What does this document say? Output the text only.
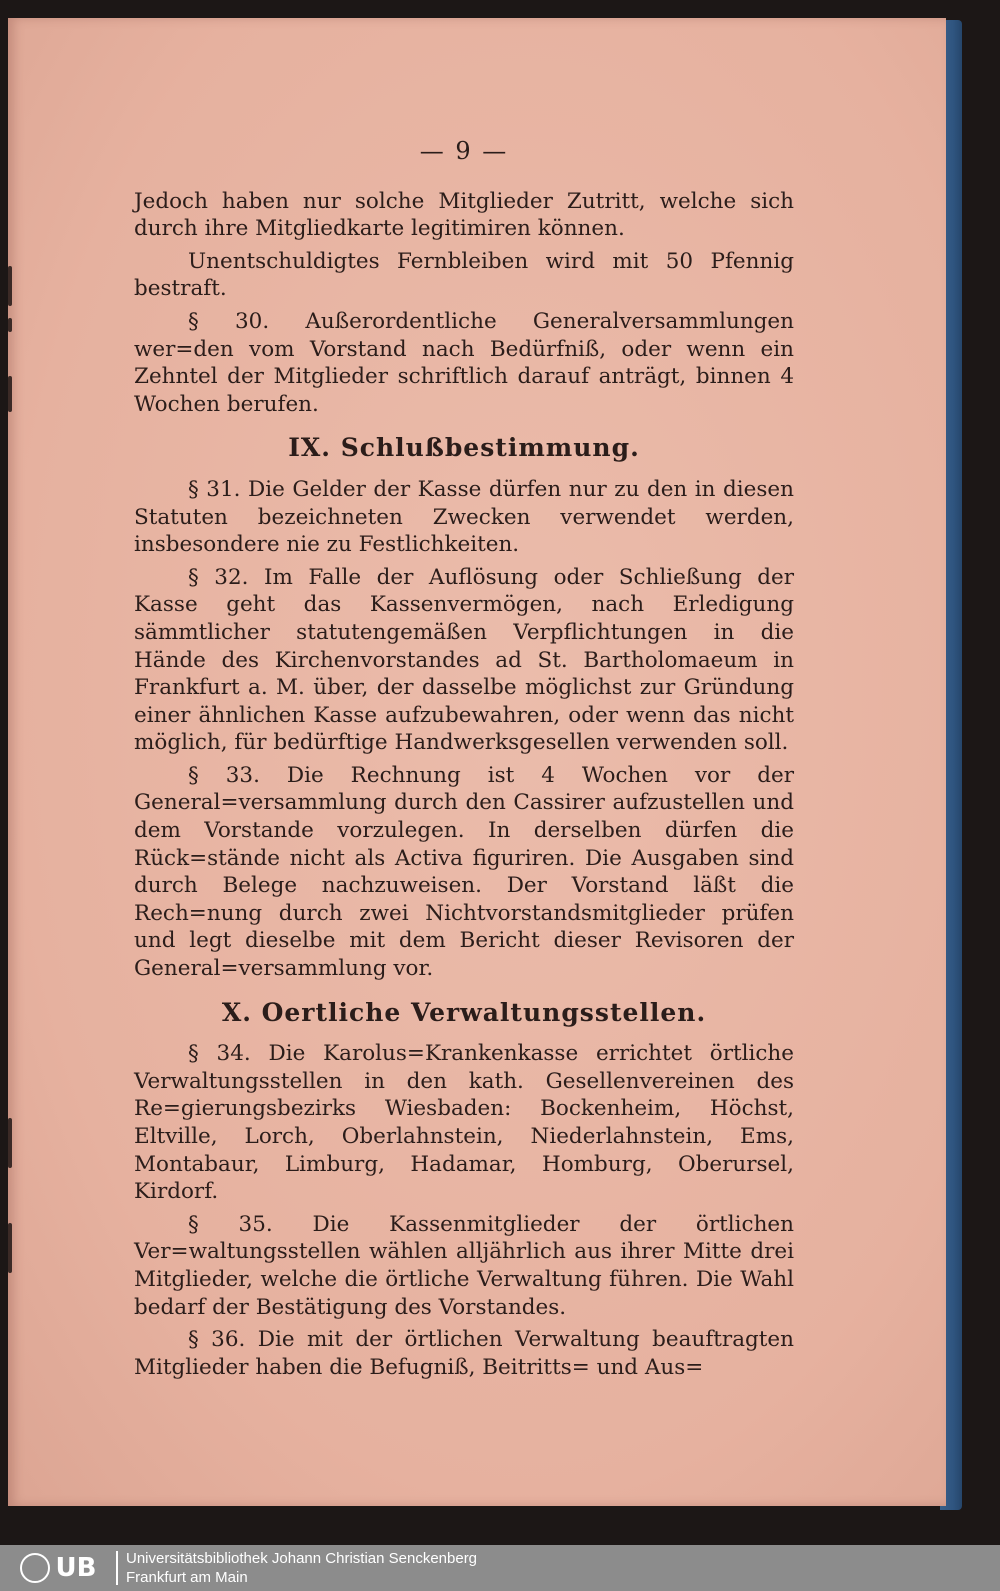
— 9 —

Jedoch haben nur solche Mitglieder Zutritt, welche sich durch ihre Mitgliedkarte legitimiren können.

Unentschuldigtes Fernbleiben wird mit 50 Pfennig bestraft.

§ 30. Außerordentliche Generalversammlungen wer=den vom Vorstand nach Bedürfniß, oder wenn ein Zehntel der Mitglieder schriftlich darauf anträgt, binnen 4 Wochen berufen.

IX. Schlußbestimmung.

§ 31. Die Gelder der Kasse dürfen nur zu den in diesen Statuten bezeichneten Zwecken verwendet werden, insbesondere nie zu Festlichkeiten.

§ 32. Im Falle der Auflösung oder Schließung der Kasse geht das Kassenvermögen, nach Erledigung sämmtlicher statutengemäßen Verpflichtungen in die Hände des Kirchenvorstandes ad St. Bartholomaeum in Frankfurt a. M. über, der dasselbe möglichst zur Gründung einer ähnlichen Kasse aufzubewahren, oder wenn das nicht möglich, für bedürftige Handwerksgesellen verwenden soll.

§ 33. Die Rechnung ist 4 Wochen vor der General=versammlung durch den Cassirer aufzustellen und dem Vorstande vorzulegen. In derselben dürfen die Rück=stände nicht als Activa figuriren. Die Ausgaben sind durch Belege nachzuweisen. Der Vorstand läßt die Rech=nung durch zwei Nichtvorstandsmitglieder prüfen und legt dieselbe mit dem Bericht dieser Revisoren der General=versammlung vor.

X. Oertliche Verwaltungsstellen.

§ 34. Die Karolus=Krankenkasse errichtet örtliche Verwaltungsstellen in den kath. Gesellenvereinen des Re=gierungsbezirks Wiesbaden: Bockenheim, Höchst, Eltville, Lorch, Oberlahnstein, Niederlahnstein, Ems, Montabaur, Limburg, Hadamar, Homburg, Oberursel, Kirdorf.

§ 35. Die Kassenmitglieder der örtlichen Ver=waltungsstellen wählen alljährlich aus ihrer Mitte drei Mitglieder, welche die örtliche Verwaltung führen. Die Wahl bedarf der Bestätigung des Vorstandes.

§ 36. Die mit der örtlichen Verwaltung beauftragten Mitglieder haben die Befugniß, Beitritts= und Aus=

UB Universitätsbibliothek Johann Christian Senckenberg
Frankfurt am Main
